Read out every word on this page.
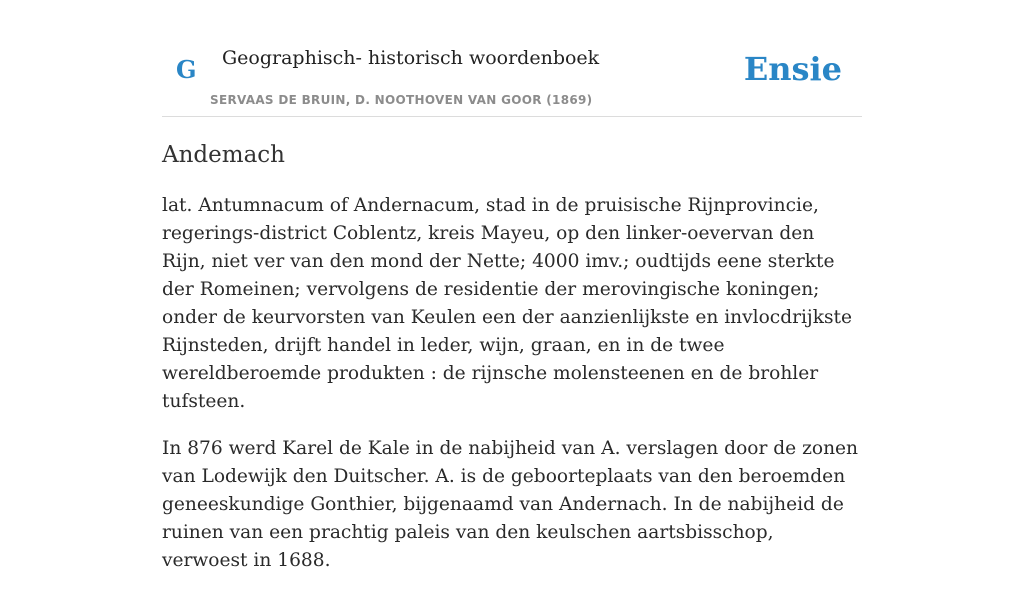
G Geographisch- historisch woordenboek
SERVAAS DE BRUIN, D. NOOTHOVEN VAN GOOR (1869)
Ensie
Andemach

lat. Antumnacum of Andernacum, stad in de pruisische Rijnprovincie, regerings-district Coblentz, kreis Mayeu, op den linker-oevervan den Rijn, niet ver van den mond der Nette; 4000 imv.; oudtijds eene sterkte der Romeinen; vervolgens de residentie der merovingische koningen; onder de keurvorsten van Keulen een der aanzienlijkste en invlocdrijkste Rijnsteden, drijft handel in leder, wijn, graan, en in de twee wereldberoemde produkten : de rijnsche molensteenen en de brohler tufsteen.

In 876 werd Karel de Kale in de nabijheid van A. verslagen door de zonen van Lodewijk den Duitscher. A. is de geboorteplaats van den beroemden geneeskundige Gonthier, bijgenaamd van Andernach. In de nabijheid de ruinen van een prachtig paleis van den keulschen aartsbisschop, verwoest in 1688.
